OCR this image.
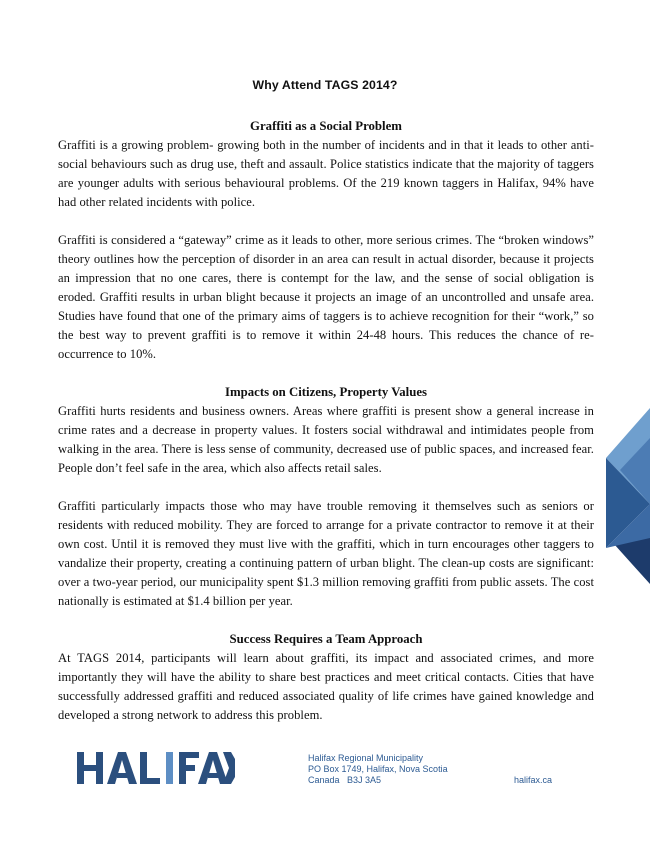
Why Attend TAGS 2014?
Graffiti as a Social Problem

Graffiti is a growing problem- growing both in the number of incidents and in that it leads to other anti-social behaviours such as drug use, theft and assault. Police statistics indicate that the majority of taggers are younger adults with serious behavioural problems. Of the 219 known taggers in Halifax, 94% have had other related incidents with police.

Graffiti is considered a “gateway” crime as it leads to other, more serious crimes. The “broken windows” theory outlines how the perception of disorder in an area can result in actual disorder, because it projects an impression that no one cares, there is contempt for the law, and the sense of social obligation is eroded. Graffiti results in urban blight because it projects an image of an uncontrolled and unsafe area. Studies have found that one of the primary aims of taggers is to achieve recognition for their “work,” so the best way to prevent graffiti is to remove it within 24-48 hours. This reduces the chance of re-occurrence to 10%.

Impacts on Citizens, Property Values

Graffiti hurts residents and business owners. Areas where graffiti is present show a general increase in crime rates and a decrease in property values. It fosters social withdrawal and intimidates people from walking in the area. There is less sense of community, decreased use of public spaces, and increased fear. People don’t feel safe in the area, which also affects retail sales.

Graffiti particularly impacts those who may have trouble removing it themselves such as seniors or residents with reduced mobility. They are forced to arrange for a private contractor to remove it at their own cost. Until it is removed they must live with the graffiti, which in turn encourages other taggers to vandalize their property, creating a continuing pattern of urban blight. The clean-up costs are significant: over a two-year period, our municipality spent $1.3 million removing graffiti from public assets. The cost nationally is estimated at $1.4 billion per year.

Success Requires a Team Approach

At TAGS 2014, participants will learn about graffiti, its impact and associated crimes, and more importantly they will have the ability to share best practices and meet critical contacts. Cities that have successfully addressed graffiti and reduced associated quality of life crimes have gained knowledge and developed a strong network to address this problem.

Halifax Regional Municipality
PO Box 1749, Halifax, Nova Scotia
Canada   B3J 3A5	halifax.ca
